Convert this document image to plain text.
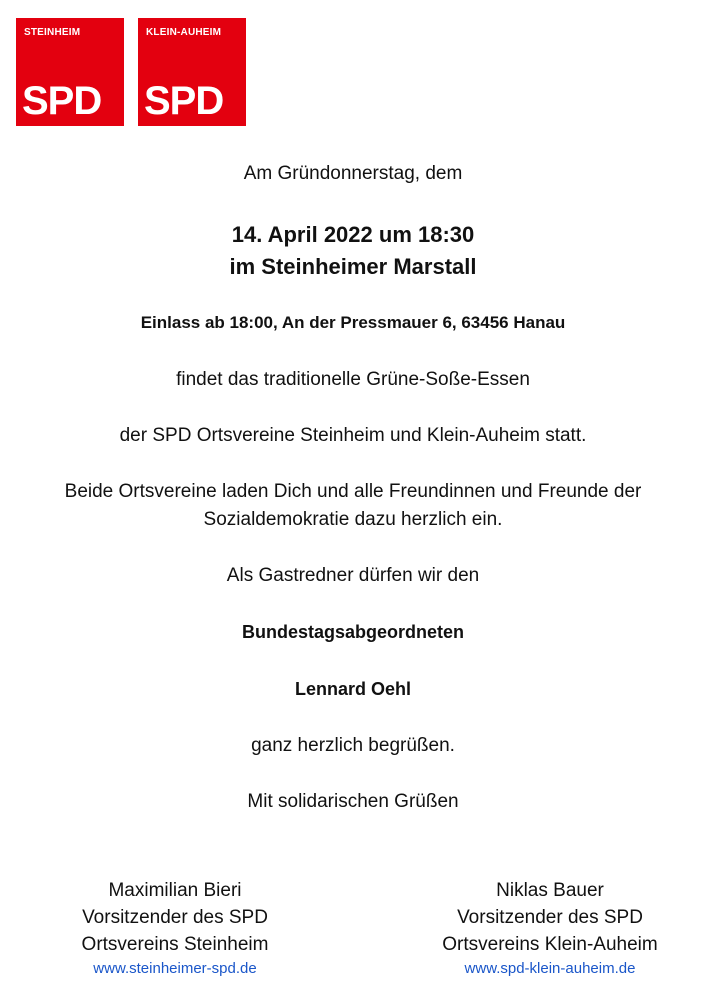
STEINHEIM
SPD
KLEIN-AUHEIM
SPD
Am Gründonnerstag, dem
14. April 2022 um 18:30
im Steinheimer Marstall
Einlass ab 18:00, An der Pressmauer 6, 63456 Hanau
findet das traditionelle Grüne-Soße-Essen
der SPD Ortsvereine Steinheim und Klein-Auheim statt.
Beide Ortsvereine laden Dich und alle Freundinnen und Freunde der
Sozialdemokratie dazu herzlich ein.
Als Gastredner dürfen wir den
Bundestagsabgeordneten
Lennard Oehl
ganz herzlich begrüßen.
Mit solidarischen Grüßen
Maximilian Bieri
Vorsitzender des SPD
Ortsvereins Steinheim
www.steinheimer-spd.de
Niklas Bauer
Vorsitzender des SPD
Ortsvereins Klein-Auheim
www.spd-klein-auheim.de
